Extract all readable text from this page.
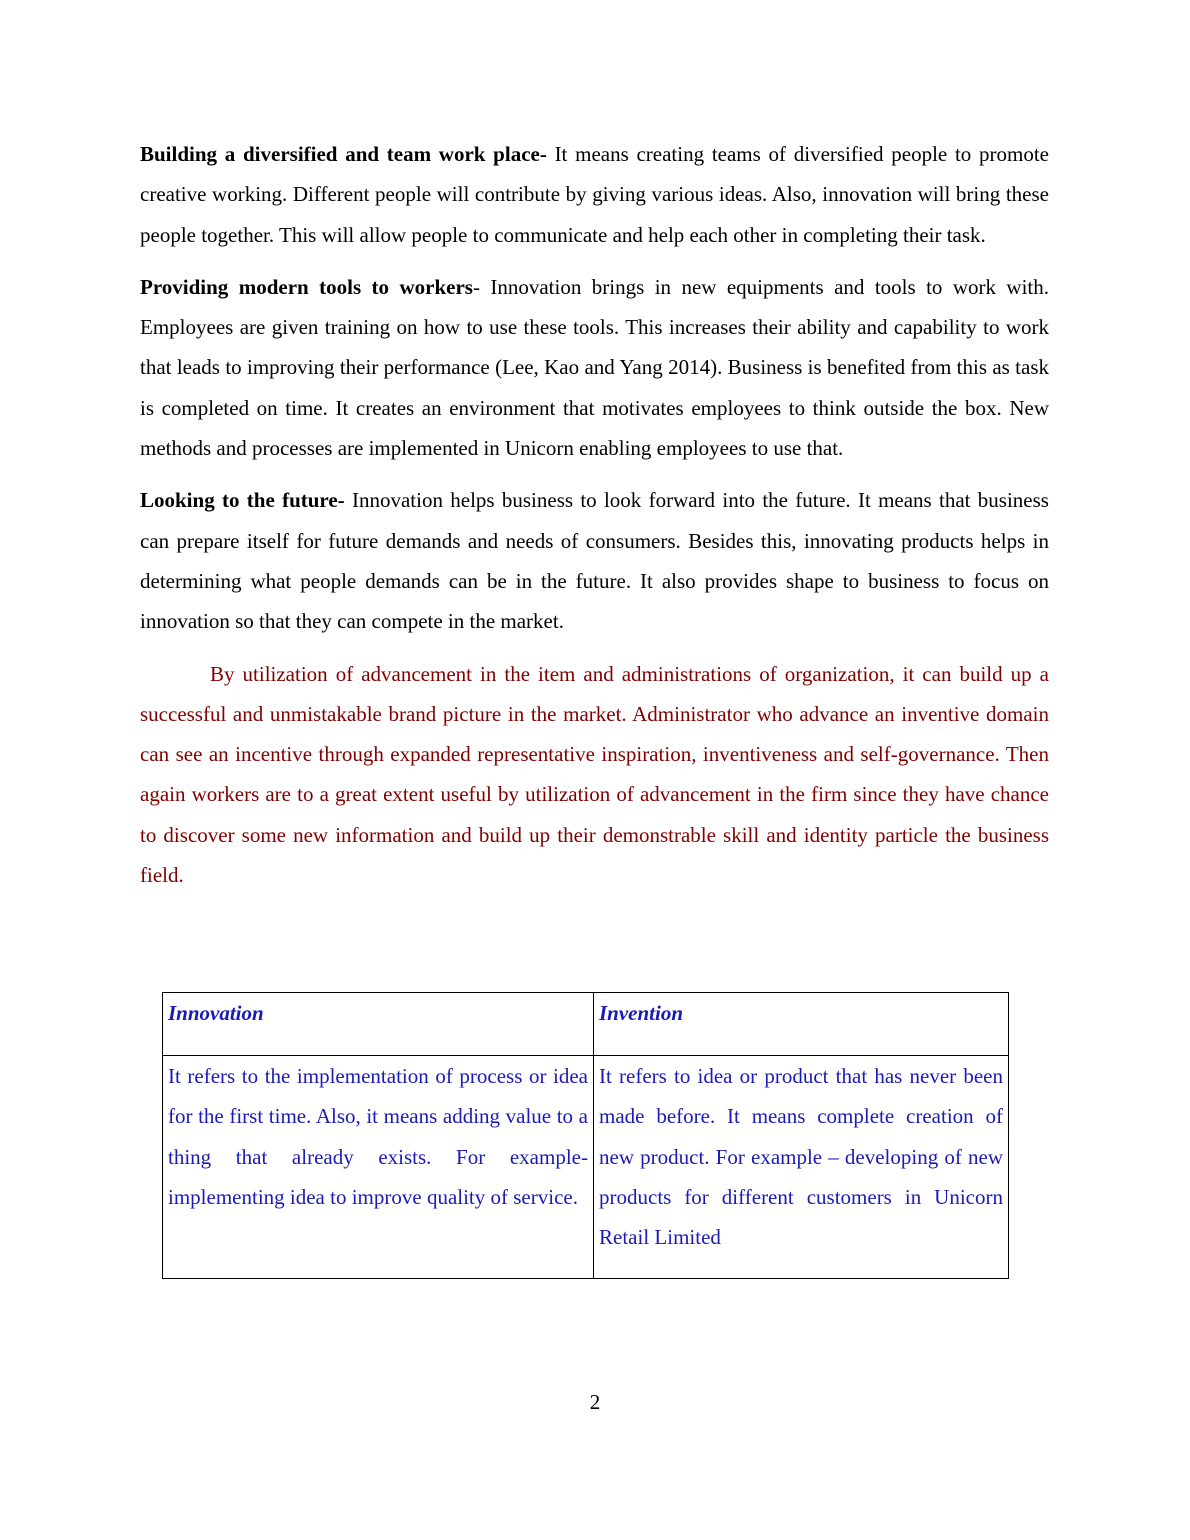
Building a diversified and team work place- It means creating teams of diversified people to promote creative working. Different people will contribute by giving various ideas. Also, innovation will bring these people together. This will allow people to communicate and help each other in completing their task.

Providing modern tools to workers- Innovation brings in new equipments and tools to work with. Employees are given training on how to use these tools. This increases their ability and capability to work that leads to improving their performance (Lee, Kao and Yang 2014). Business is benefited from this as task is completed on time. It creates an environment that motivates employees to think outside the box. New methods and processes are implemented in Unicorn enabling employees to use that.

Looking to the future- Innovation helps business to look forward into the future. It means that business can prepare itself for future demands and needs of consumers. Besides this, innovating products helps in determining what people demands can be in the future. It also provides shape to business to focus on innovation so that they can compete in the market.

By utilization of advancement in the item and administrations of organization, it can build up a successful and unmistakable brand picture in the market. Administrator who advance an inventive domain can see an incentive through expanded representative inspiration, inventiveness and self-governance. Then again workers are to a great extent useful by utilization of advancement in the firm since they have chance to discover some new information and build up their demonstrable skill and identity particle the business field.

Innovation	Invention
It refers to the implementation of process or idea for the first time. Also, it means adding value to a thing that already exists. For example- implementing idea to improve quality of service.	It refers to idea or product that has never been made before. It means complete creation of new product. For example – developing of new products for different customers in Unicorn Retail Limited
2
